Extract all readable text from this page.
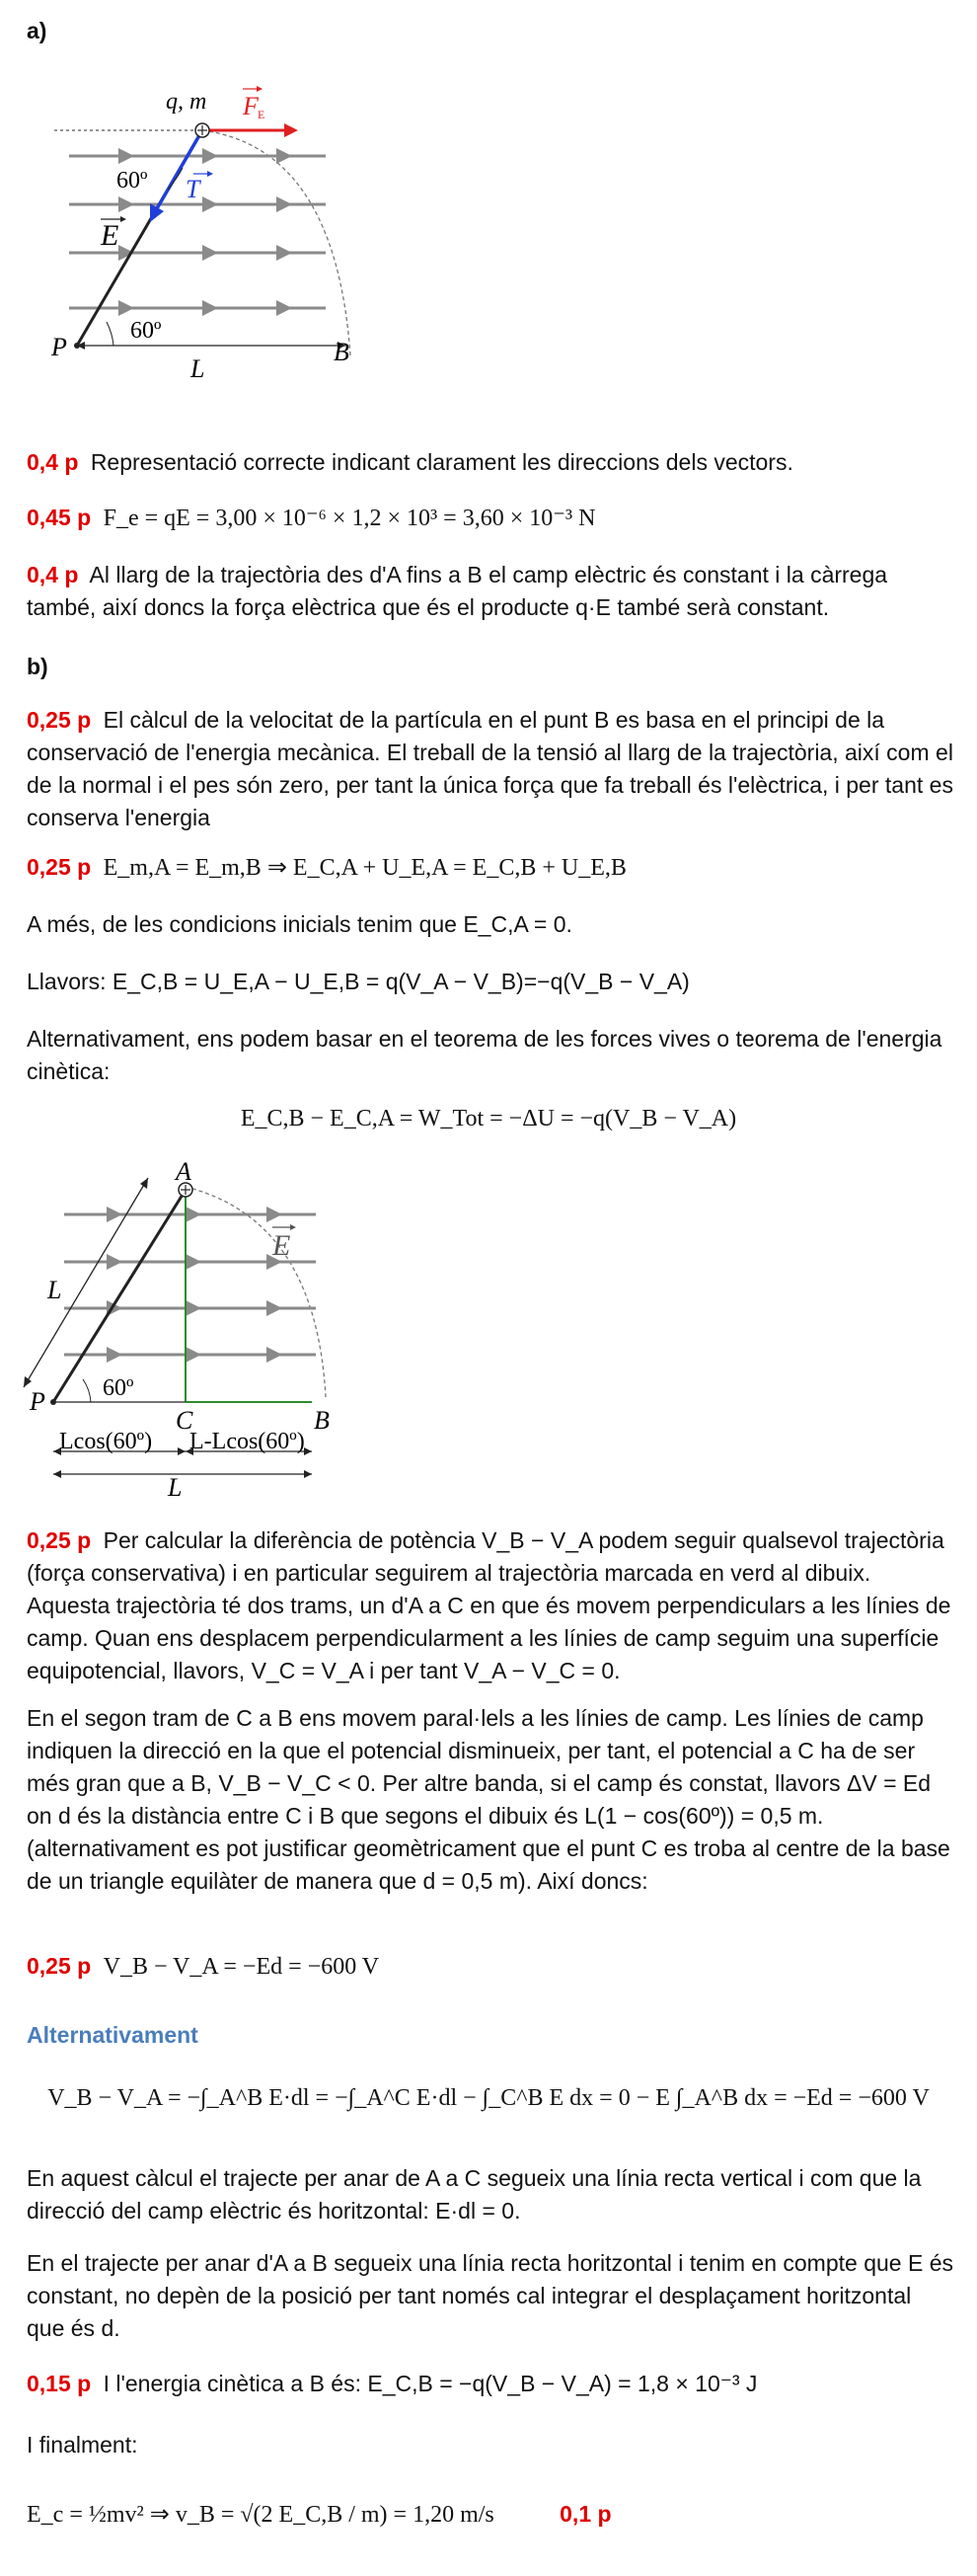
a)
q, m F E
60º T
E
60º
P	B
L
0,4 p Representació correcte indicant clarament les direccions dels vectors.
0,45 p F_e = qE = 3,00 × 10⁻⁶ × 1,2 × 10³ = 3,60 × 10⁻³ N
0,4 p Al llarg de la trajectòria des d'A fins a B el camp elèctric és constant i la càrrega també, així doncs la força elèctrica que és el producte q·E també serà constant.
b)
0,25 p El càlcul de la velocitat de la partícula en el punt B es basa en el principi de la conservació de l'energia mecànica. El treball de la tensió al llarg de la trajectòria, així com el de la normal i el pes són zero, per tant la única força que fa treball és l'elèctrica, i per tant es conserva l'energia
0,25 p E_m,A = E_m,B ⇒ E_C,A + U_E,A = E_C,B + U_E,B
A més, de les condicions inicials tenim que E_C,A = 0.
Llavors: E_C,B = U_E,A − U_E,B = q(V_A − V_B)=−q(V_B − V_A)
Alternativament, ens podem basar en el teorema de les forces vives o teorema de l'energia cinètica:
E_C,B − E_C,A = W_Tot = −ΔU = −q(V_B − V_A)
A
E
L
60º
P
C	B
Lcos(60º) L-Lcos(60º)
L
0,25 p Per calcular la diferència de potència V_B − V_A podem seguir qualsevol trajectòria (força conservativa) i en particular seguirem al trajectòria marcada en verd al dibuix. Aquesta trajectòria té dos trams, un d'A a C en que és movem perpendiculars a les línies de camp. Quan ens desplacem perpendicularment a les línies de camp seguim una superfície equipotencial, llavors, V_C = V_A i per tant V_A − V_C = 0.
En el segon tram de C a B ens movem paral·lels a les línies de camp. Les línies de camp indiquen la direcció en la que el potencial disminueix, per tant, el potencial a C ha de ser més gran que a B, V_B − V_C < 0. Per altre banda, si el camp és constat, llavors ΔV = Ed on d és la distància entre C i B que segons el dibuix és L(1 − cos(60º)) = 0,5 m. (alternativament es pot justificar geomètricament que el punt C es troba al centre de la base de un triangle equilàter de manera que d = 0,5 m). Així doncs:
0,25 p V_B − V_A = −Ed = −600 V
Alternativament
V_B − V_A = −∫_A^B E·dl = −∫_A^C E·dl − ∫_C^B E dx = 0 − E ∫_A^B dx = −Ed = −600 V
En aquest càlcul el trajecte per anar de A a C segueix una línia recta vertical i com que la direcció del camp elèctric és horitzontal: E·dl = 0.
En el trajecte per anar d'A a B segueix una línia recta horitzontal i tenim en compte que E és constant, no depèn de la posició per tant només cal integrar el desplaçament horitzontal que és d.
0,15 p I l'energia cinètica a B és: E_C,B = −q(V_B − V_A) = 1,8 × 10⁻³ J
I finalment:
E_c = ½mv² ⇒ v_B = √(2 E_C,B / m) = 1,20 m/s	0,1 p
